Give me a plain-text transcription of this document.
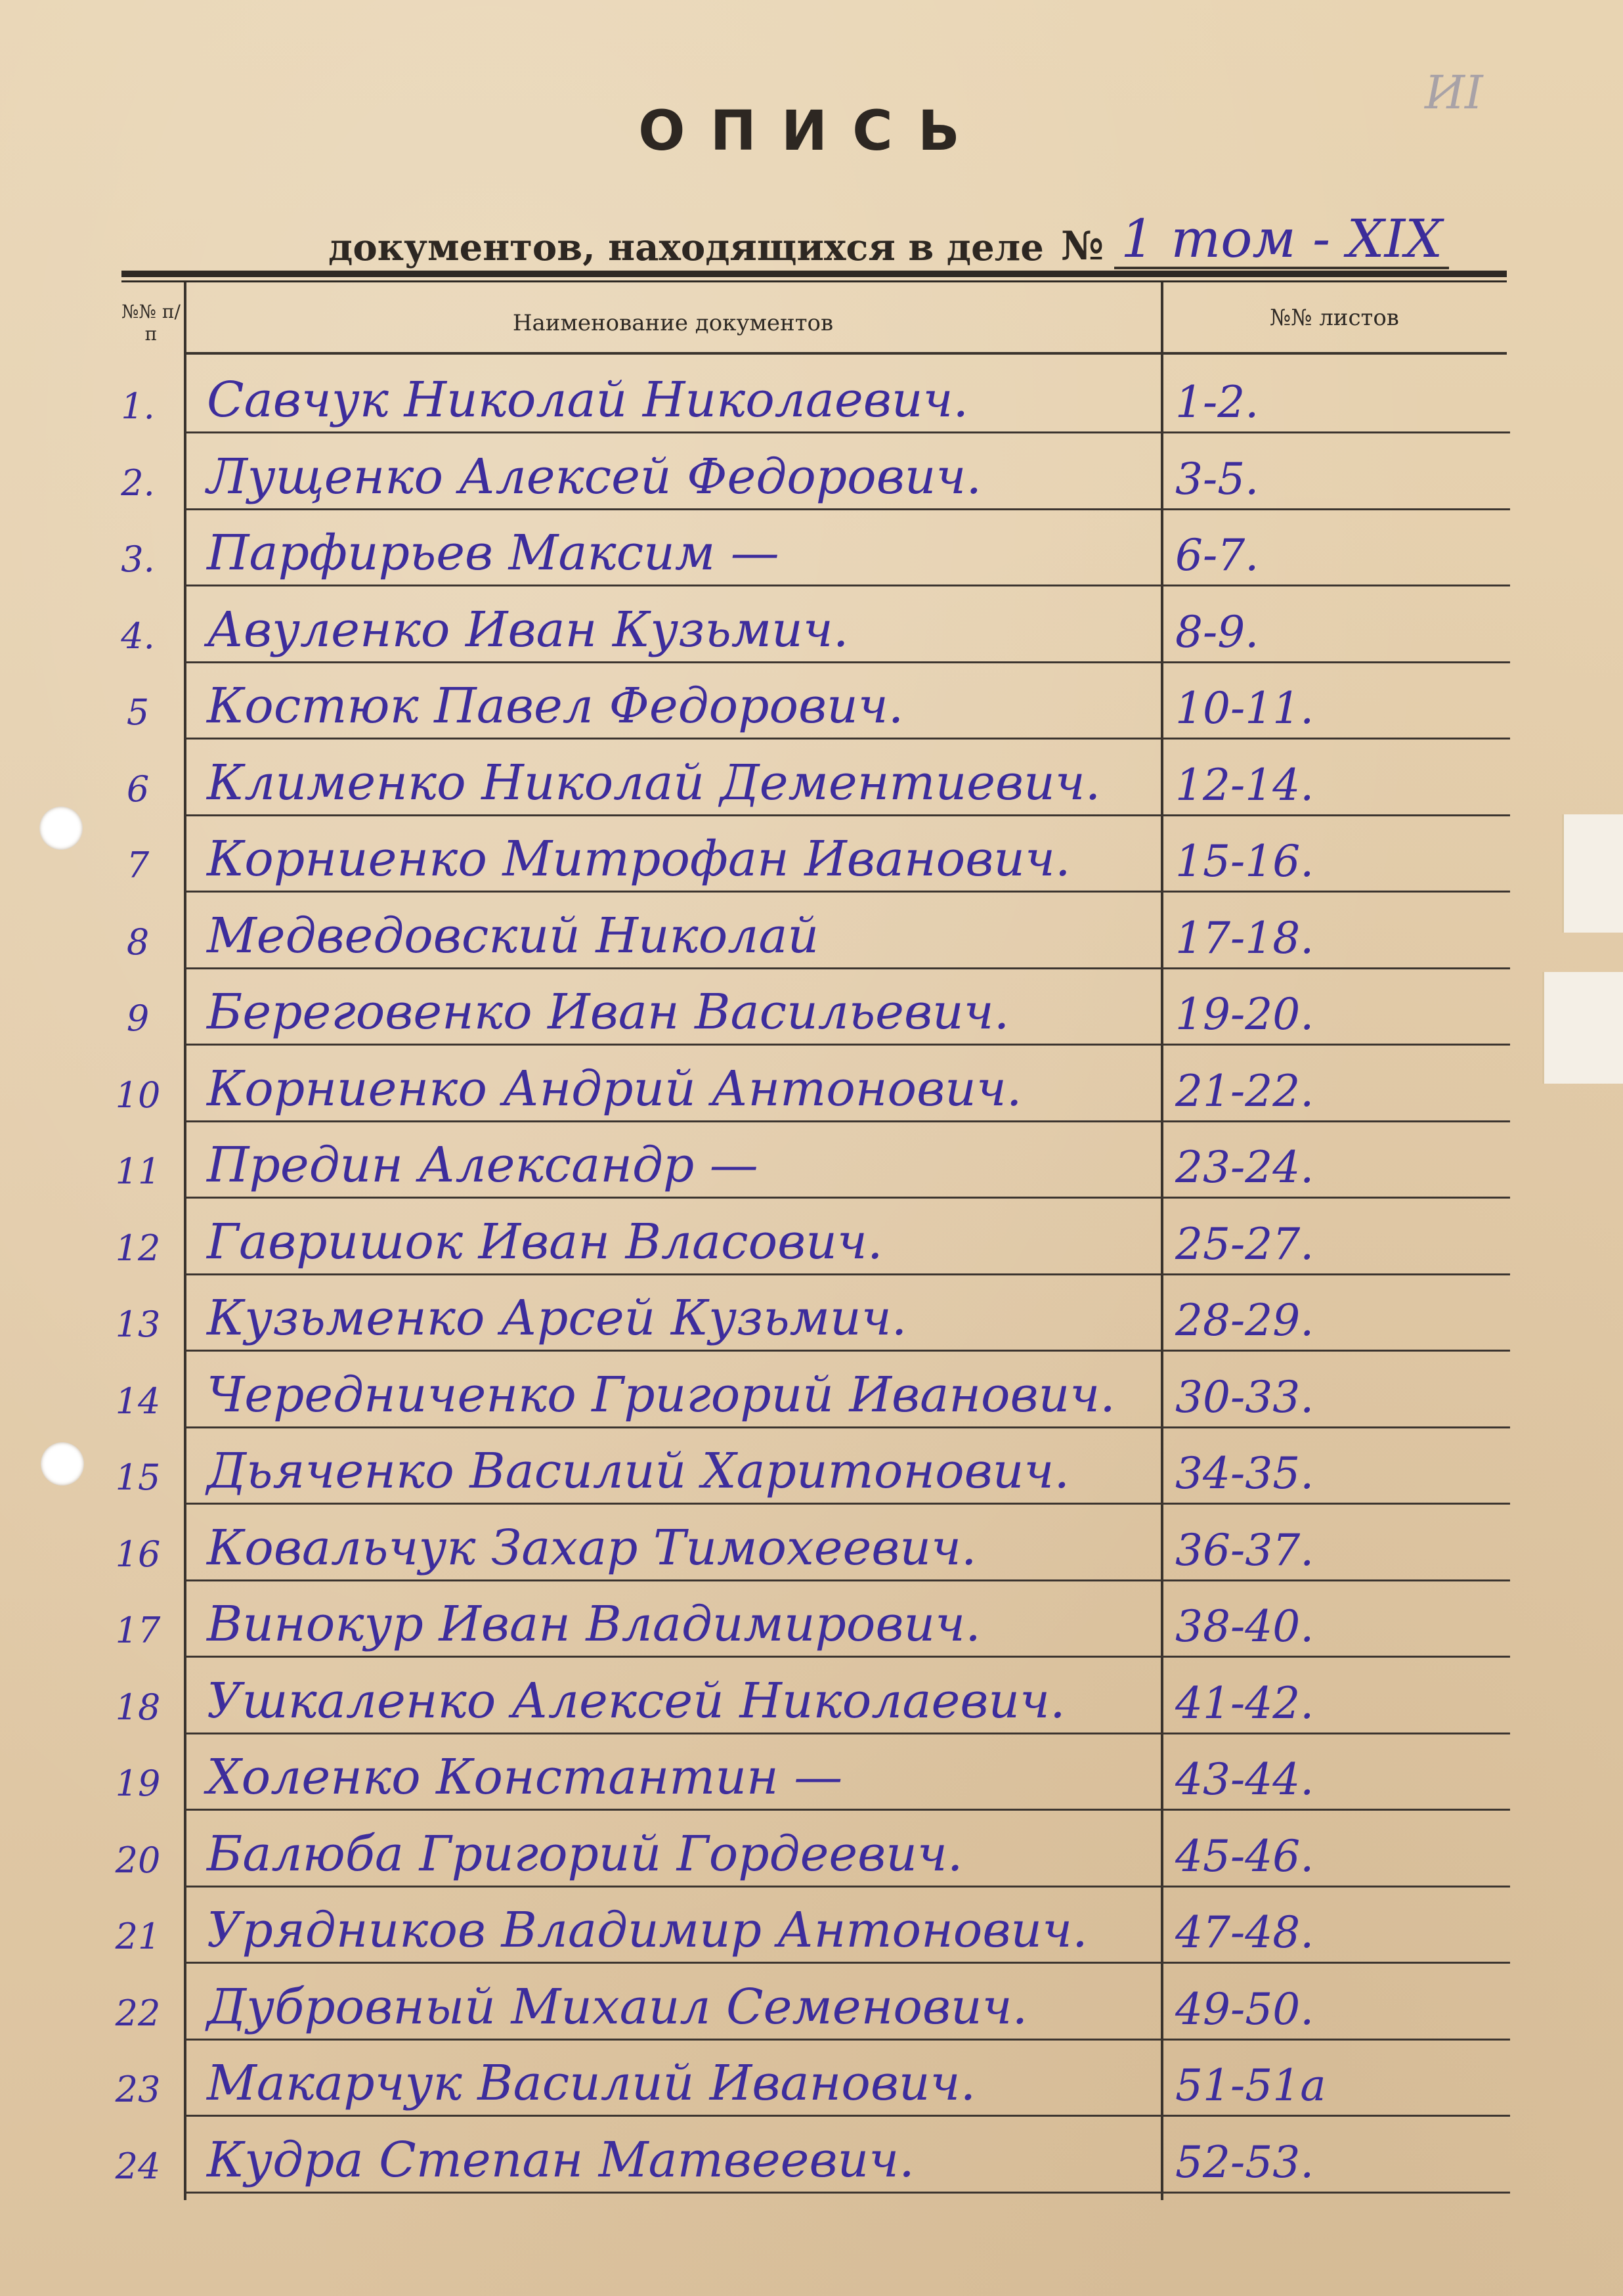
ИІ
ОПИСЬ
документов, находящихся в деле № 1 том - XIX
№№ п/п	Наименование документов	№№ листов
1.	Савчук Николай Николаевич.	1-2.
2.	Лущенко Алексей Федорович.	3-5.
3.	Парфирьев Максим —	6-7.
4.	Авуленко Иван Кузьмич.	8-9.
5	Костюк Павел Федорович.	10-11.
6	Клименко Николай Дементиевич. 12-14.
7	Корниенко Митрофан Иванович. 15-16.
8	Медведовский Николай	17-18.
9	Береговенко Иван Васильевич.	19-20.
10 Корниенко Андрий Антонович.	21-22.
11 Предин Александр —	23-24.
12 Гавришок Иван Власович.	25-27.
13 Кузьменко Арсей Кузьмич.	28-29.
14 Чередниченко Григорий Иванович. 30-33.
15 Дьяченко Василий Харитонович. 34-35.
16 Ковальчук Захар Тимохеевич.	36-37.
17 Винокур Иван Владимирович.	38-40.
18 Ушкаленко Алексей Николаевич.	41-42.
19 Холенко Константин —	43-44.
20 Балюба Григорий Гордеевич.	45-46.
21 Урядников Владимир Антонович. 47-48.
22 Дубровный Михаил Семенович.	49-50.
23 Макарчук Василий Иванович.	51-51а
24 Кудра Степан Матвеевич.	52-53.
